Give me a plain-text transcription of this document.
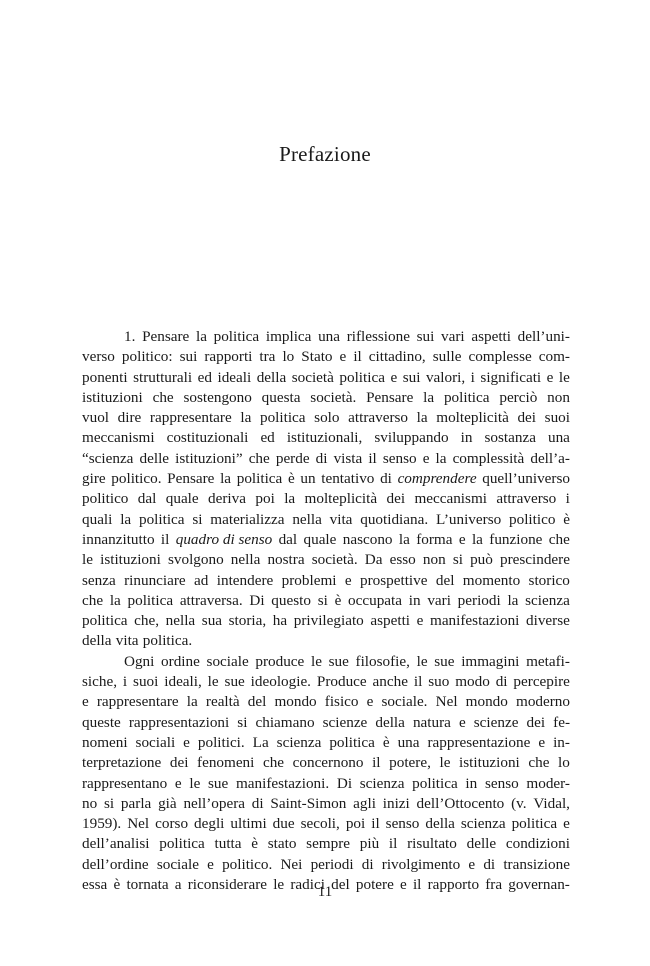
Prefazione
1. Pensare la politica implica una riflessione sui vari aspetti dell’uni-
verso politico: sui rapporti tra lo Stato e il cittadino, sulle complesse com-
ponenti strutturali ed ideali della società politica e sui valori, i significati e le
istituzioni che sostengono questa società. Pensare la politica perciò non
vuol dire rappresentare la politica solo attraverso la molteplicità dei suoi
meccanismi costituzionali ed istituzionali, sviluppando in sostanza una
“scienza delle istituzioni” che perde di vista il senso e la complessità dell’a-
gire politico. Pensare la politica è un tentativo di comprendere quell’universo
politico dal quale deriva poi la molteplicità dei meccanismi attraverso i
quali la politica si materializza nella vita quotidiana. L’universo politico è
innanzitutto il quadro di senso dal quale nascono la forma e la funzione che
le istituzioni svolgono nella nostra società. Da esso non si può prescindere
senza rinunciare ad intendere problemi e prospettive del momento storico
che la politica attraversa. Di questo si è occupata in vari periodi la scienza
politica che, nella sua storia, ha privilegiato aspetti e manifestazioni diverse
della vita politica.
Ogni ordine sociale produce le sue filosofie, le sue immagini metafi-
siche, i suoi ideali, le sue ideologie. Produce anche il suo modo di percepire
e rappresentare la realtà del mondo fisico e sociale. Nel mondo moderno
queste rappresentazioni si chiamano scienze della natura e scienze dei fe-
nomeni sociali e politici. La scienza politica è una rappresentazione e in-
terpretazione dei fenomeni che concernono il potere, le istituzioni che lo
rappresentano e le sue manifestazioni. Di scienza politica in senso moder-
no si parla già nell’opera di Saint-Simon agli inizi dell’Ottocento (v. Vidal,
1959). Nel corso degli ultimi due secoli, poi il senso della scienza politica e
dell’analisi politica tutta è stato sempre più il risultato delle condizioni
dell’ordine sociale e politico. Nei periodi di rivolgimento e di transizione
essa è tornata a riconsiderare le radici del potere e il rapporto fra governan-
11
